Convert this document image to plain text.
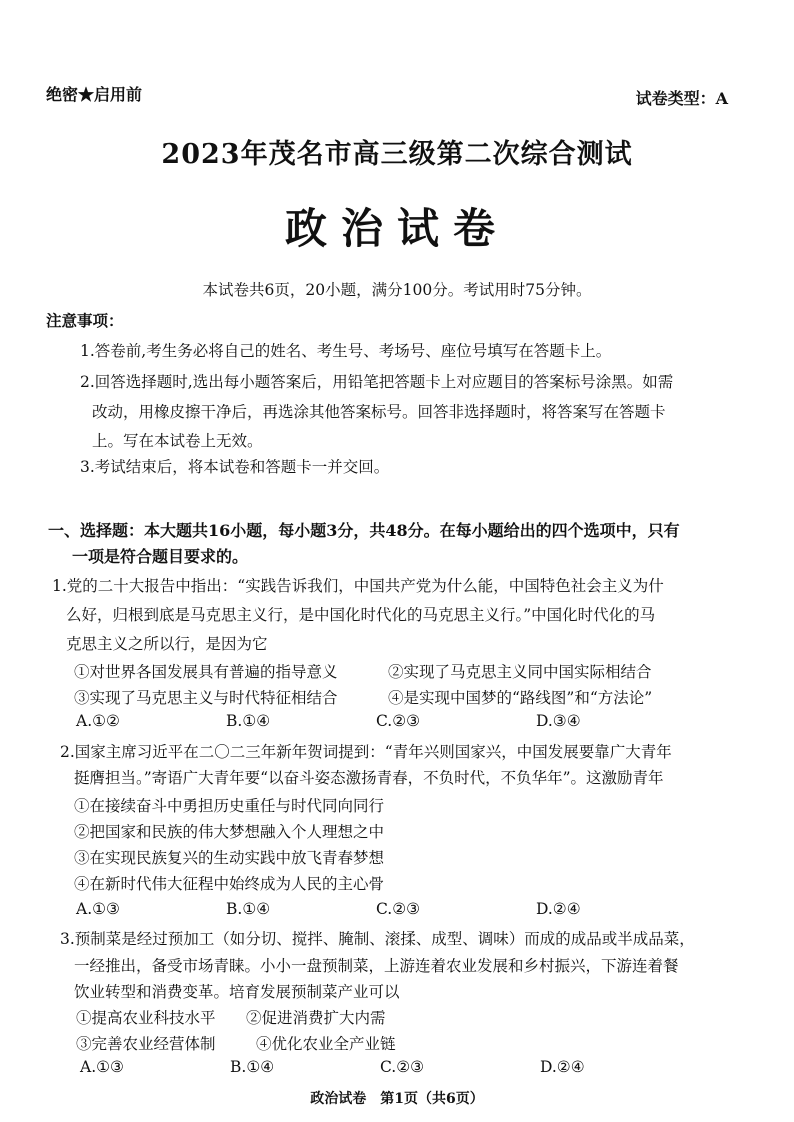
绝密★启用前	试卷类型：A
2023年茂名市高三级第二次综合测试
政治试卷
本试卷共6页，20小题，满分100分。考试用时75分钟。
注意事项：
1.答卷前,考生务必将自己的姓名、考生号、考场号、座位号填写在答题卡上。
2.回答选择题时,选出每小题答案后，用铅笔把答题卡上对应题目的答案标号涂黑。如需
改动，用橡皮擦干净后，再选涂其他答案标号。回答非选择题时，将答案写在答题卡
上。写在本试卷上无效。
3.考试结束后，将本试卷和答题卡一并交回。
一、选择题：本大题共16小题，每小题3分，共48分。在每小题给出的四个选项中，只有
一项是符合题目要求的。
1.党的二十大报告中指出：“实践告诉我们，中国共产党为什么能，中国特色社会主义为什
么好，归根到底是马克思主义行，是中国化时代化的马克思主义行。”中国化时代化的马
克思主义之所以行，是因为它
①对世界各国发展具有普遍的指导意义	②实现了马克思主义同中国实际相结合
③实现了马克思主义与时代特征相结合	④是实现中国梦的“路线图”和“方法论”
A.①②	B.①④	C.②③	D.③④
2.国家主席习近平在二〇二三年新年贺词提到：“青年兴则国家兴，中国发展要靠广大青年
挺膺担当。”寄语广大青年要“以奋斗姿态激扬青春，不负时代，不负华年”。这激励青年
①在接续奋斗中勇担历史重任与时代同向同行
②把国家和民族的伟大梦想融入个人理想之中
③在实现民族复兴的生动实践中放飞青春梦想
④在新时代伟大征程中始终成为人民的主心骨
A.①③	B.①④	C.②③	D.②④
3.预制菜是经过预加工（如分切、搅拌、腌制、滚揉、成型、调味）而成的成品或半成品菜，
一经推出，备受市场青睐。小小一盘预制菜，上游连着农业发展和乡村振兴，下游连着餐
饮业转型和消费变革。培育发展预制菜产业可以
①提高农业科技水平 ②促进消费扩大内需
③完善农业经营体制	④优化农业全产业链
A.①③	B.①④	C.②③	D.②④
政治试卷　第1页（共6页）
